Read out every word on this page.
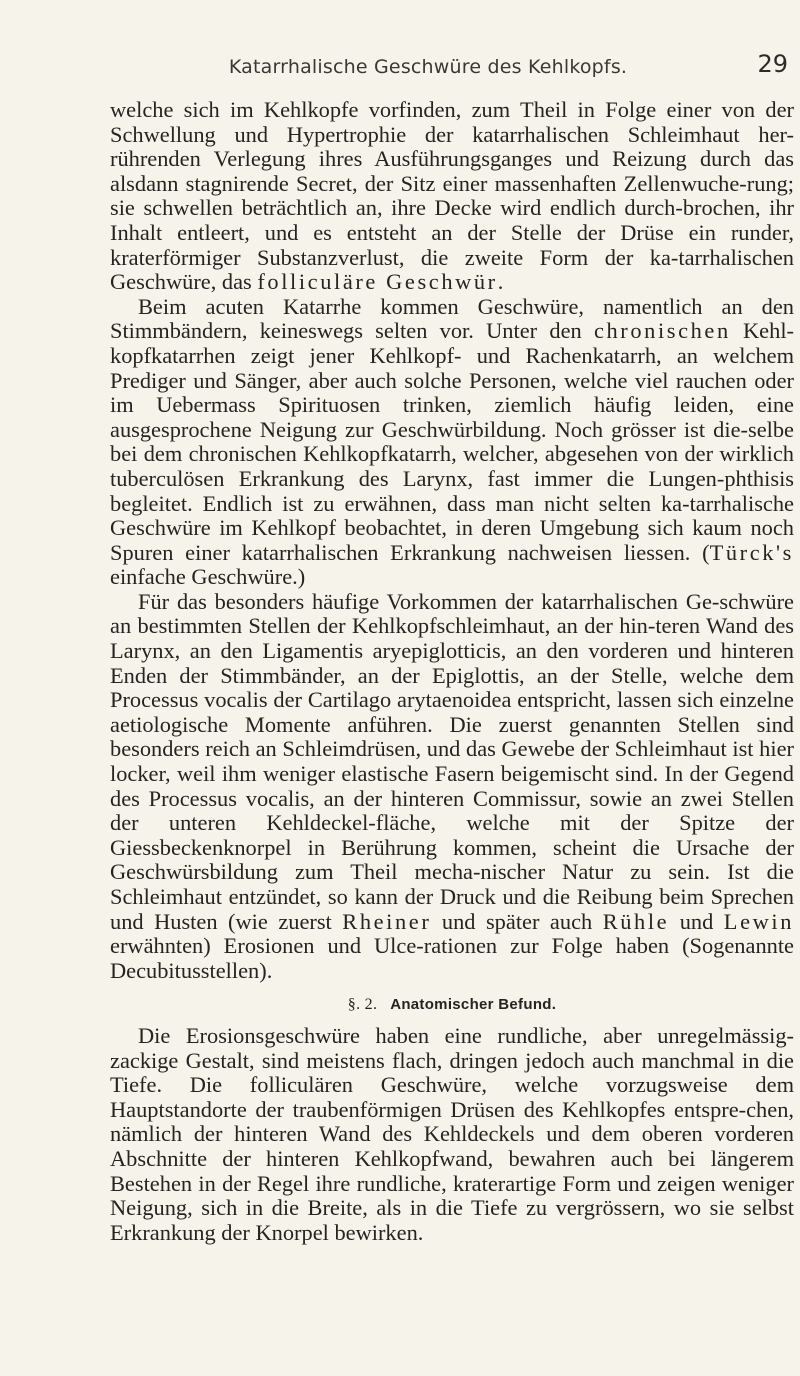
Katarrhalische Geschwüre des Kehlkopfs.	29

welche sich im Kehlkopfe vorfinden, zum Theil in Folge einer von der Schwellung und Hypertrophie der katarrhalischen Schleimhaut her-rührenden Verlegung ihres Ausführungsganges und Reizung durch das alsdann stagnirende Secret, der Sitz einer massenhaften Zellenwuche-rung; sie schwellen beträchtlich an, ihre Decke wird endlich durch-brochen, ihr Inhalt entleert, und es entsteht an der Stelle der Drüse ein runder, kraterförmiger Substanzverlust, die zweite Form der ka-tarrhalischen Geschwüre, das folliculäre Geschwür.

Beim acuten Katarrhe kommen Geschwüre, namentlich an den Stimmbändern, keineswegs selten vor. Unter den chronischen Kehl-kopfkatarrhen zeigt jener Kehlkopf- und Rachenkatarrh, an welchem Prediger und Sänger, aber auch solche Personen, welche viel rauchen oder im Uebermass Spirituosen trinken, ziemlich häufig leiden, eine ausgesprochene Neigung zur Geschwürbildung. Noch grösser ist die-selbe bei dem chronischen Kehlkopfkatarrh, welcher, abgesehen von der wirklich tuberculösen Erkrankung des Larynx, fast immer die Lungen-phthisis begleitet. Endlich ist zu erwähnen, dass man nicht selten ka-tarrhalische Geschwüre im Kehlkopf beobachtet, in deren Umgebung sich kaum noch Spuren einer katarrhalischen Erkrankung nachweisen liessen. (Türck's einfache Geschwüre.)

Für das besonders häufige Vorkommen der katarrhalischen Ge-schwüre an bestimmten Stellen der Kehlkopfschleimhaut, an der hin-teren Wand des Larynx, an den Ligamentis aryepiglotticis, an den vorderen und hinteren Enden der Stimmbänder, an der Epiglottis, an der Stelle, welche dem Processus vocalis der Cartilago arytaenoidea entspricht, lassen sich einzelne aetiologische Momente anführen. Die zuerst genannten Stellen sind besonders reich an Schleimdrüsen, und das Gewebe der Schleimhaut ist hier locker, weil ihm weniger elastische Fasern beigemischt sind. In der Gegend des Processus vocalis, an der hinteren Commissur, sowie an zwei Stellen der unteren Kehldeckel-fläche, welche mit der Spitze der Giessbeckenknorpel in Berührung kommen, scheint die Ursache der Geschwürsbildung zum Theil mecha-nischer Natur zu sein. Ist die Schleimhaut entzündet, so kann der Druck und die Reibung beim Sprechen und Husten (wie zuerst Rheiner und später auch Rühle und Lewin erwähnten) Erosionen und Ulce-rationen zur Folge haben (Sogenannte Decubitusstellen).

§. 2. Anatomischer Befund.

Die Erosionsgeschwüre haben eine rundliche, aber unregelmässig-zackige Gestalt, sind meistens flach, dringen jedoch auch manchmal in die Tiefe. Die folliculären Geschwüre, welche vorzugsweise dem Hauptstandorte der traubenförmigen Drüsen des Kehlkopfes entspre-chen, nämlich der hinteren Wand des Kehldeckels und dem oberen vorderen Abschnitte der hinteren Kehlkopfwand, bewahren auch bei längerem Bestehen in der Regel ihre rundliche, kraterartige Form und zeigen weniger Neigung, sich in die Breite, als in die Tiefe zu vergrössern, wo sie selbst Erkrankung der Knorpel bewirken.
